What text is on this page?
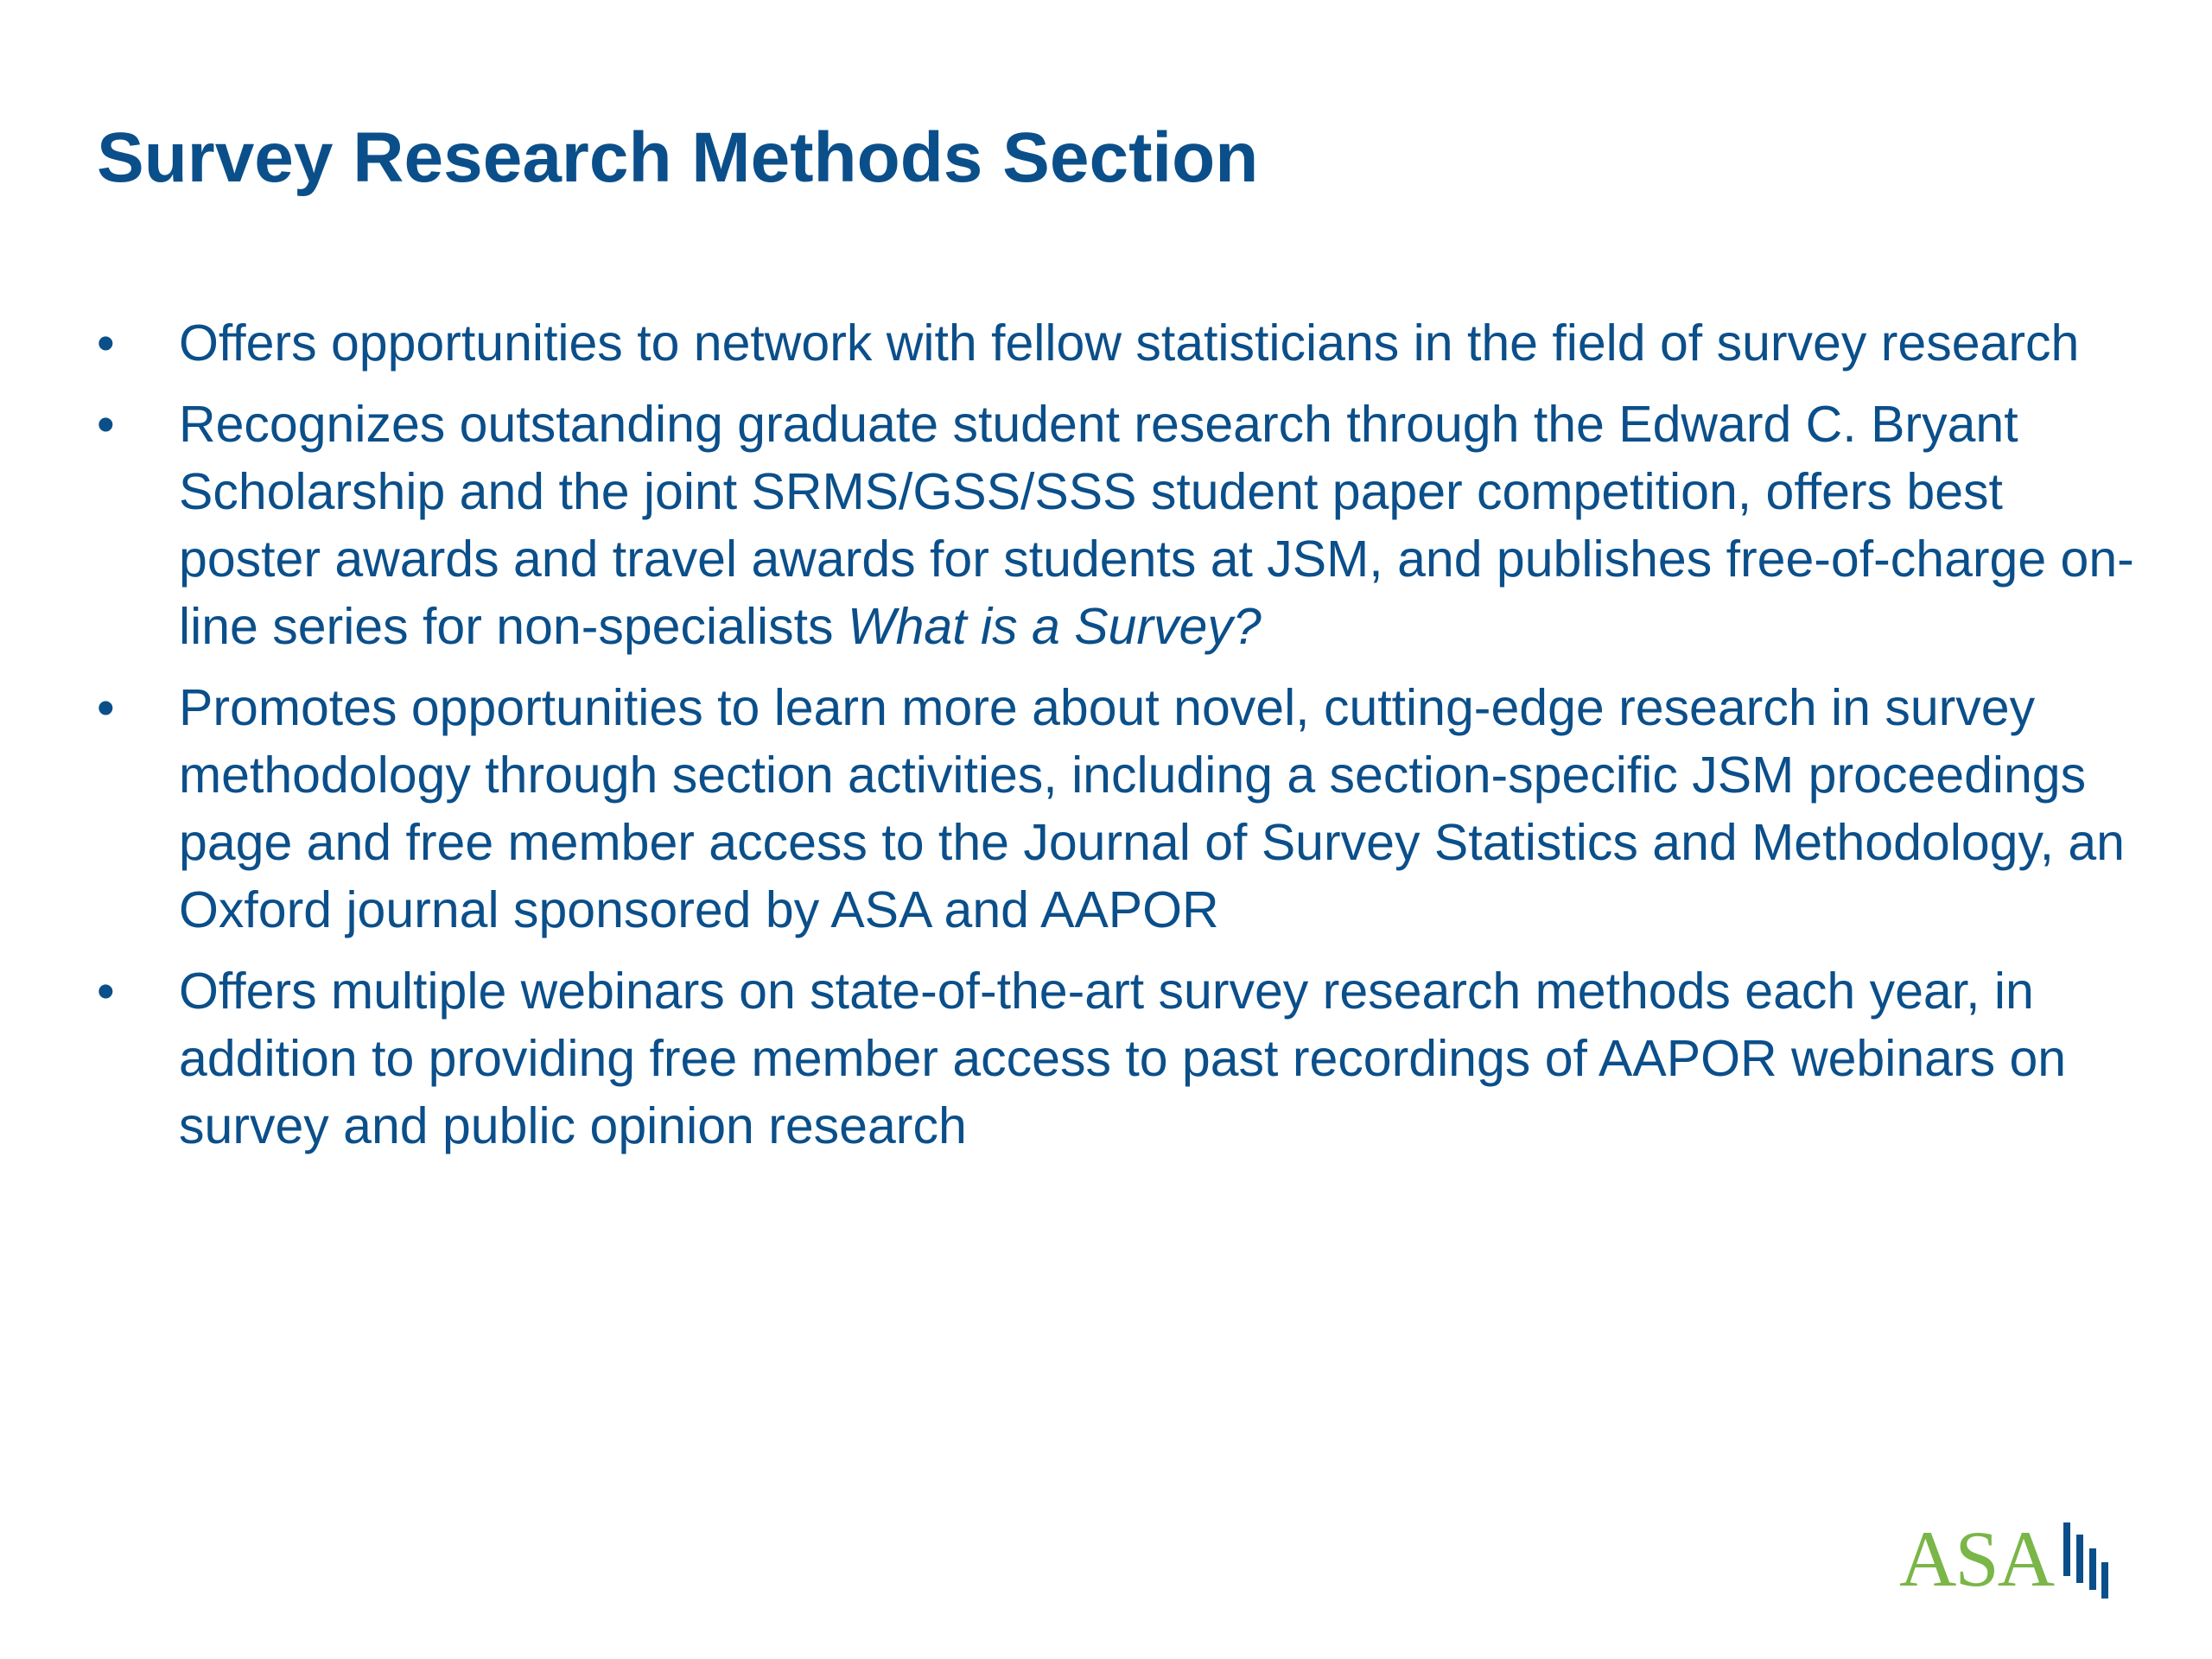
Survey Research Methods Section
•	Offers opportunities to network with fellow statisticians in the field of survey research
•	Recognizes outstanding graduate student research through the Edward C. Bryant Scholarship and the joint SRMS/GSS/SSS student paper competition, offers best poster awards and travel awards for students at JSM, and publishes free-of-charge on-line series for non-specialists What is a Survey?
•	Promotes opportunities to learn more about novel, cutting-edge research in survey methodology through section activities, including a section-specific JSM proceedings page and free member access to the Journal of Survey Statistics and Methodology, an Oxford journal sponsored by ASA and AAPOR
•	Offers multiple webinars on state-of-the-art survey research methods each year, in addition to providing free member access to past recordings of AAPOR webinars on survey and public opinion research
ASA
